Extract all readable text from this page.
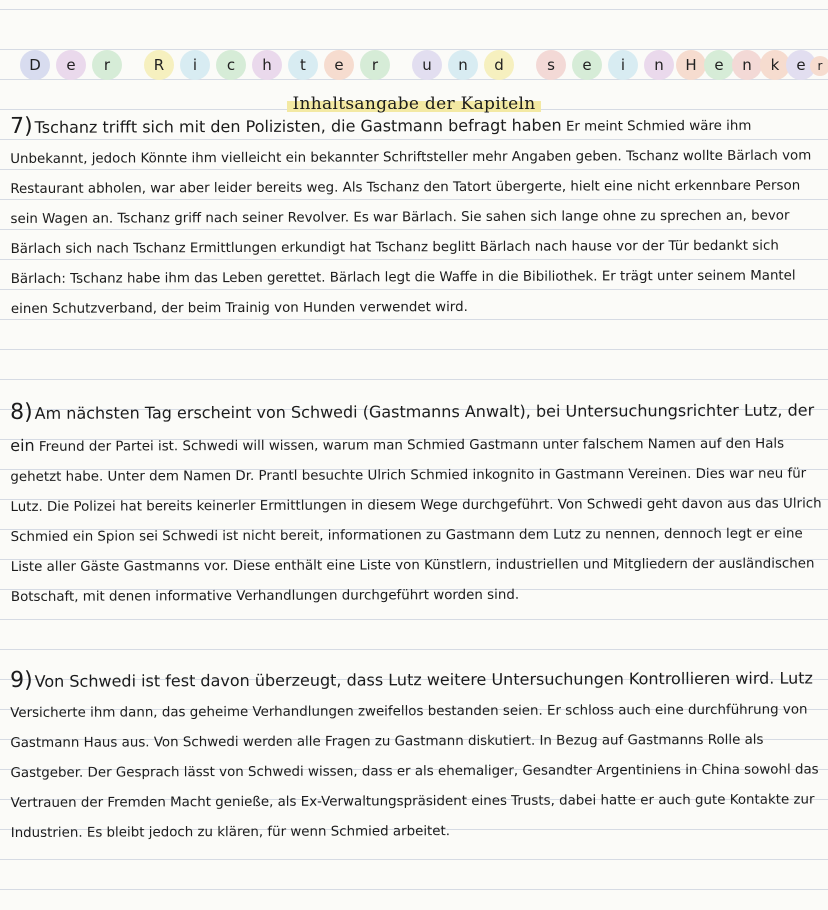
D	e	r	R	i	c	h	t	e	r	u	n	d	s	e	i	n	H	e	n	k	e r
Inhaltsangabe der Kapiteln
7) Tschanz trifft sich mit den Polizisten, die Gastmann befragt haben Er meint Schmied wäre ihm Unbekannt, jedoch Könnte ihm vielleicht ein bekannter Schriftsteller mehr Angaben geben. Tschanz wollte Bärlach vom Restaurant abholen, war aber leider bereits weg. Als Tschanz den Tatort übergerte, hielt eine nicht erkennbare Person sein Wagen an. Tschanz griff nach seiner Revolver. Es war Bärlach. Sie sahen sich lange ohne zu sprechen an, bevor Bärlach sich nach Tschanz Ermittlungen erkundigt hat Tschanz beglitt Bärlach nach hause vor der Tür bedankt sich Bärlach: Tschanz habe ihm das Leben gerettet. Bärlach legt die Waffe in die Bibiliothek. Er trägt unter seinem Mantel einen Schutzverband, der beim Trainig von Hunden verwendet wird.
8) Am nächsten Tag erscheint von Schwedi (Gastmanns Anwalt), bei Untersuchungsrichter Lutz, der ein Freund der Partei ist. Schwedi will wissen, warum man Schmied Gastmann unter falschem Namen auf den Hals gehetzt habe. Unter dem Namen Dr. Prantl besuchte Ulrich Schmied inkognito in Gastmann Vereinen. Dies war neu für Lutz. Die Polizei hat bereits keinerler Ermittlungen in diesem Wege durchgeführt. Von Schwedi geht davon aus das Ulrich Schmied ein Spion sei Schwedi ist nicht bereit, informationen zu Gastmann dem Lutz zu nennen, dennoch legt er eine Liste aller Gäste Gastmanns vor. Diese enthält eine Liste von Künstlern, industriellen und Mitgliedern der ausländischen Botschaft, mit denen informative Verhandlungen durchgeführt worden sind.
9) Von Schwedi ist fest davon überzeugt, dass Lutz weitere Untersuchungen Kontrollieren wird. Lutz Versicherte ihm dann, das geheime Verhandlungen zweifellos bestanden seien. Er schloss auch eine durchführung von Gastmann Haus aus. Von Schwedi werden alle Fragen zu Gastmann diskutiert. In Bezug auf Gastmanns Rolle als Gastgeber. Der Gesprach lässt von Schwedi wissen, dass er als ehemaliger, Gesandter Argentiniens in China sowohl das Vertrauen der Fremden Macht genieße, als Ex-Verwaltungspräsident eines Trusts, dabei hatte er auch gute Kontakte zur Industrien. Es bleibt jedoch zu klären, für wenn Schmied arbeitet.
